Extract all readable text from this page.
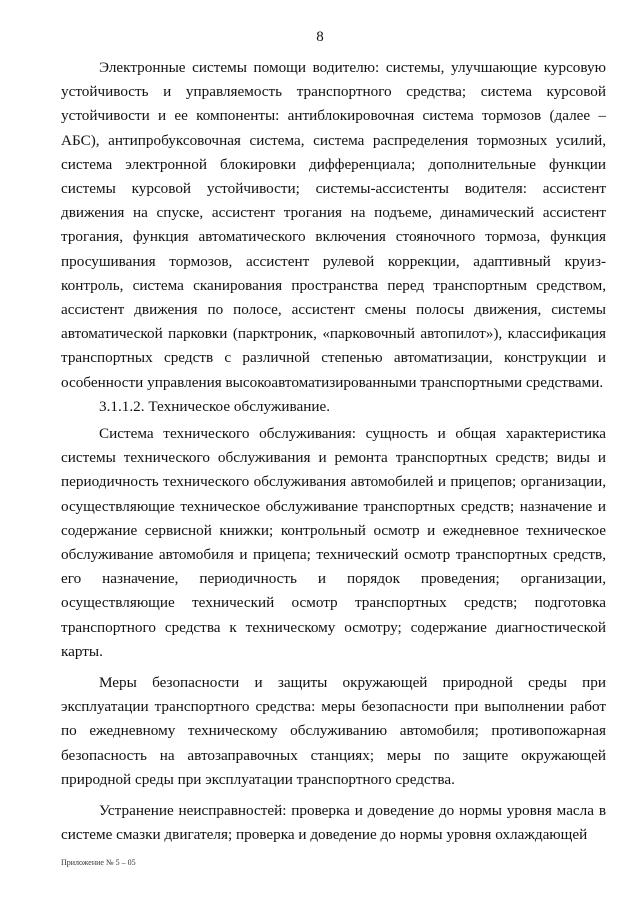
8

Электронные системы помощи водителю: системы, улучшающие курсовую устойчивость и управляемость транспортного средства; система курсовой устойчивости и ее компоненты: антиблокировочная система тормозов (далее – АБС), антипробуксовочная система, система распределения тормозных усилий, система электронной блокировки дифференциала; дополнительные функции системы курсовой устойчивости; системы-ассистенты водителя: ассистент движения на спуске, ассистент трогания на подъеме, динамический ассистент трогания, функция автоматического включения стояночного тормоза, функция просушивания тормозов, ассистент рулевой коррекции, адаптивный круиз-контроль, система сканирования пространства перед транспортным средством, ассистент движения по полосе, ассистент смены полосы движения, системы автоматической парковки (парктроник, «парковочный автопилот»), классификация транспортных средств с различной степенью автоматизации, конструкции и особенности управления высокоавтоматизированными транспортными средствами.

3.1.1.2. Техническое обслуживание.

Система технического обслуживания: сущность и общая характеристика системы технического обслуживания и ремонта транспортных средств; виды и периодичность технического обслуживания автомобилей и прицепов; организации, осуществляющие техническое обслуживание транспортных средств; назначение и содержание сервисной книжки; контрольный осмотр и ежедневное техническое обслуживание автомобиля и прицепа; технический осмотр транспортных средств, его назначение, периодичность и порядок проведения; организации, осуществляющие технический осмотр транспортных средств; подготовка транспортного средства к техническому осмотру; содержание диагностической карты.

Меры безопасности и защиты окружающей природной среды при эксплуатации транспортного средства: меры безопасности при выполнении работ по ежедневному техническому обслуживанию автомобиля; противопожарная безопасность на автозаправочных станциях; меры по защите окружающей природной среды при эксплуатации транспортного средства.

Устранение неисправностей: проверка и доведение до нормы уровня масла в системе смазки двигателя; проверка и доведение до нормы уровня охлаждающей

Приложение № 5 – 05
